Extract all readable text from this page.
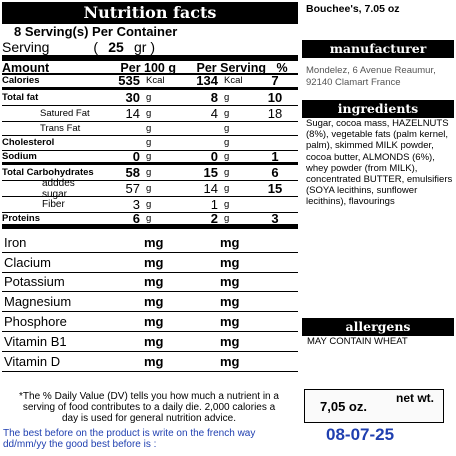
Nutrition facts
8 Serving(s) Per Container
Serving	( 25 gr )
Amount	Per 100 g	Per Serving %
Calories	535 Kcal	134 Kcal	7
Total fat	30 g	8 g	10
Satured Fat	14 g	4 g	18
Trans Fat	g	g
Cholesterol	g	g
Sodium	0 g	0 g	1
Total Carbohydrates	58 g	15 g	6
adddes sugar	57 g	14 g	15
Fiber	3 g	1 g
Proteins	6 g	2 g	3
Iron	mg	mg
Clacium	mg	mg
Potassium	mg	mg
Magnesium	mg	mg
Phosphore	mg	mg
Vitamin B1	mg	mg
Vitamin D	mg	mg
*The % Daily Value (DV) tells you how much a nutrient in a serving of food contributes to a daily die. 2,000 calories a day is used for general nutrition advice.
The best before on the product is write on the french way dd/mm/yy the good best before is :
Bouchee's, 7.05 oz
manufacturer
Mondelez, 6 Avenue Reaumur, 92140 Clamart France
ingredients
Sugar, cocoa mass, HAZELNUTS (8%), vegetable fats (palm kernel, palm), skimmed MILK powder, cocoa butter, ALMONDS (6%), whey powder (from MILK), concentrated BUTTER, emulsifiers (SOYA lecithins, sunflower lecithins), flavourings
allergens
MAY CONTAIN WHEAT
7,05 oz.
net wt.
08-07-25
